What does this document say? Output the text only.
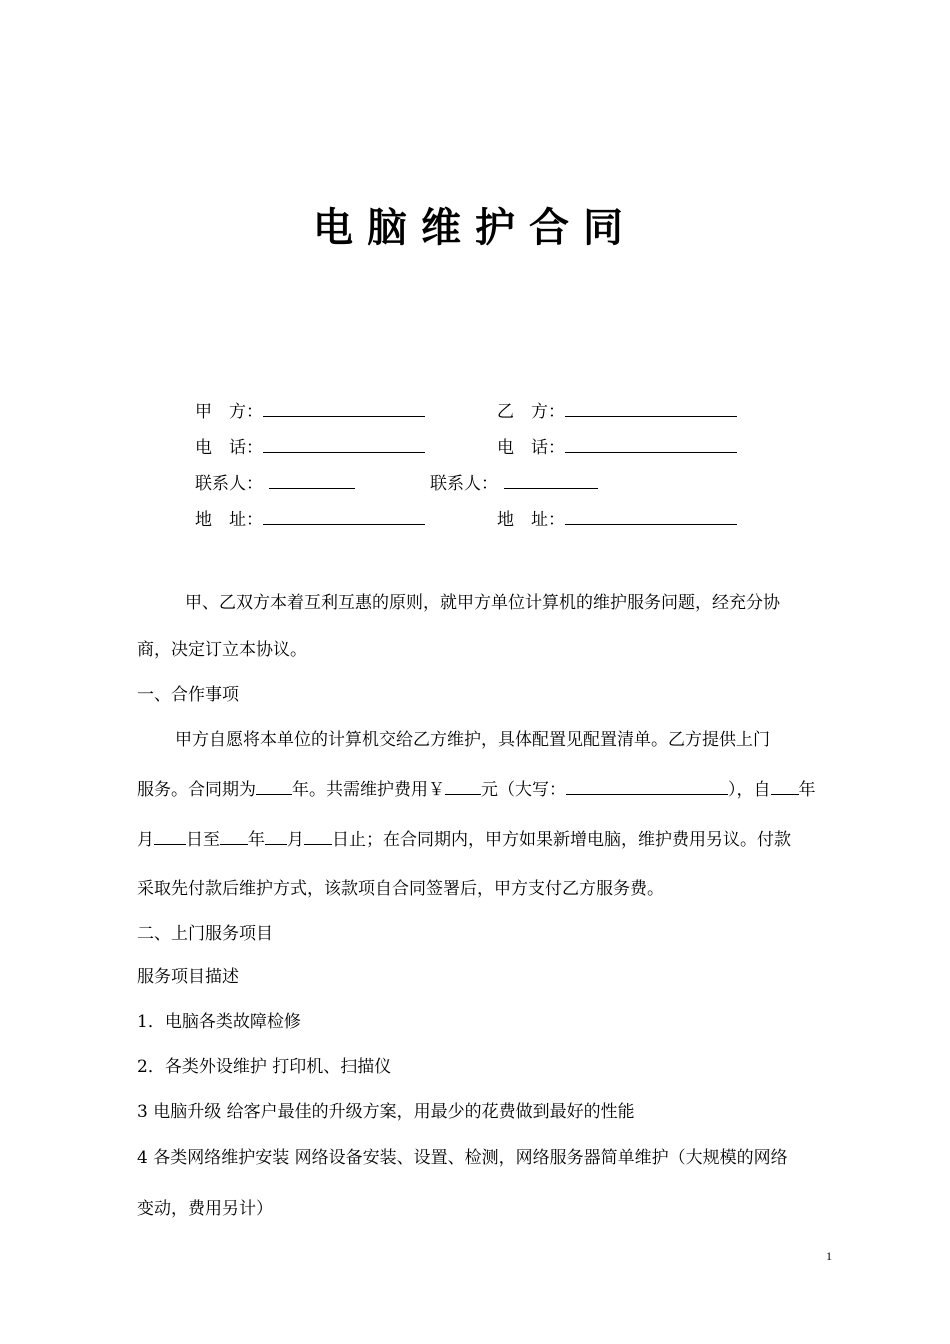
电脑维护合同
甲　方：	乙　方：
电　话：	电　话：
联系人：	联系人：
地　址：	地　址：
甲、乙双方本着互利互惠的原则，就甲方单位计算机的维护服务问题，经充分协
商，决定订立本协议。
一、合作事项
甲方自愿将本单位的计算机交给乙方维护，具体配置见配置清单。乙方提供上门
服务。合同期为 年。共需维护费用￥ 元（大写：	），自 年
月 日至 年 月 日止；在合同期内，甲方如果新增电脑，维护费用另议。付款
采取先付款后维护方式，该款项自合同签署后，甲方支付乙方服务费。
二、上门服务项目
服务项目描述
1．电脑各类故障检修
2．各类外设维护 打印机、扫描仪
3 电脑升级 给客户最佳的升级方案，用最少的花费做到最好的性能
4 各类网络维护安装 网络设备安装、设置、检测，网络服务器简单维护（大规模的网络
变动，费用另计）
1
